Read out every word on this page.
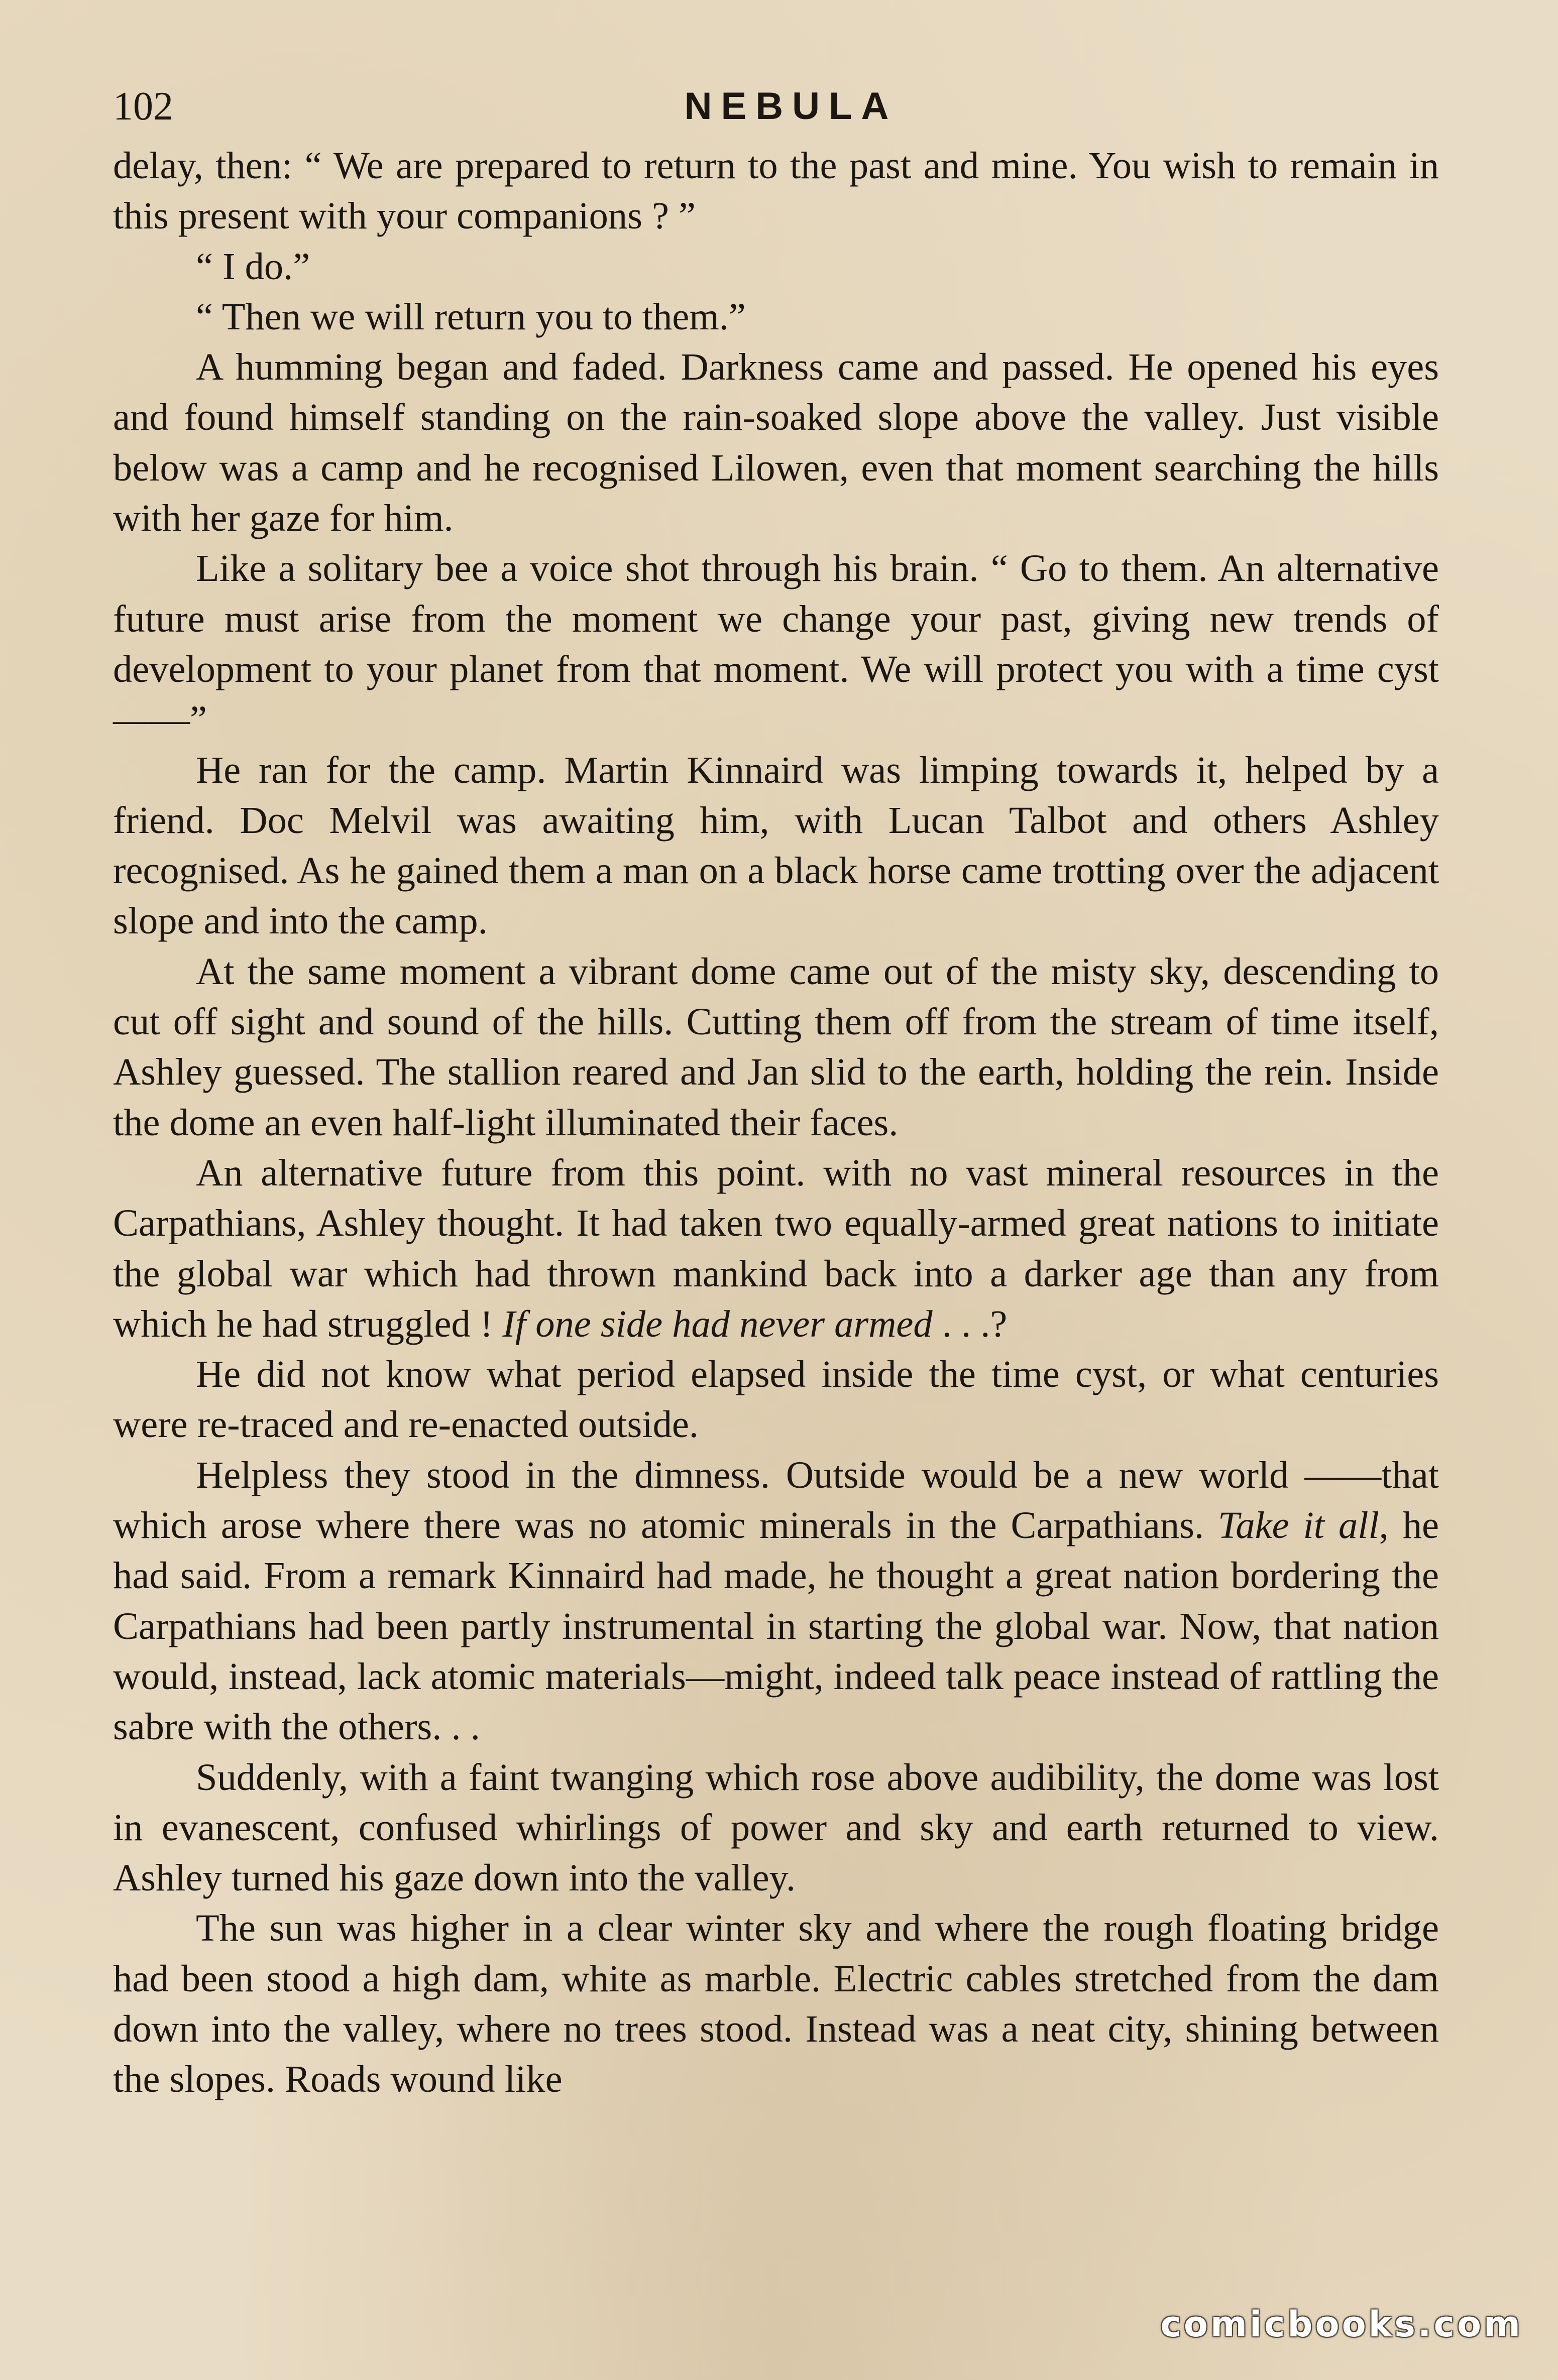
102	NEBULA

delay, then: “ We are prepared to return to the past and mine. You wish to remain in this present with your companions ? ”

“ I do.”

“ Then we will return you to them.”

A humming began and faded. Darkness came and passed. He opened his eyes and found himself standing on the rain-soaked slope above the valley. Just visible below was a camp and he recognised Lilowen, even that moment searching the hills with her gaze for him.

Like a solitary bee a voice shot through his brain. “ Go to them. An alternative future must arise from the moment we change your past, giving new trends of development to your planet from that moment. We will protect you with a time cyst——”

He ran for the camp. Martin Kinnaird was limping towards it, helped by a friend. Doc Melvil was awaiting him, with Lucan Talbot and others Ashley recognised. As he gained them a man on a black horse came trotting over the adjacent slope and into the camp.

At the same moment a vibrant dome came out of the misty sky, descending to cut off sight and sound of the hills. Cutting them off from the stream of time itself, Ashley guessed. The stallion reared and Jan slid to the earth, holding the rein. Inside the dome an even half-light illuminated their faces.

An alternative future from this point. with no vast mineral resources in the Carpathians, Ashley thought. It had taken two equally-armed great nations to initiate the global war which had thrown mankind back into a darker age than any from which he had struggled ! If one side had never armed . . .?

He did not know what period elapsed inside the time cyst, or what centuries were re-traced and re-enacted outside.

Helpless they stood in the dimness. Outside would be a new world ——that which arose where there was no atomic minerals in the Carpathians. Take it all, he had said. From a remark Kinnaird had made, he thought a great nation bordering the Carpathians had been partly instrumental in starting the global war. Now, that nation would, instead, lack atomic materials—might, indeed talk peace instead of rattling the sabre with the others. . .

Suddenly, with a faint twanging which rose above audibility, the dome was lost in evanescent, confused whirlings of power and sky and earth returned to view. Ashley turned his gaze down into the valley.

The sun was higher in a clear winter sky and where the rough floating bridge had been stood a high dam, white as marble. Electric cables stretched from the dam down into the valley, where no trees stood. Instead was a neat city, shining between the slopes. Roads wound like

comicbooks.com
